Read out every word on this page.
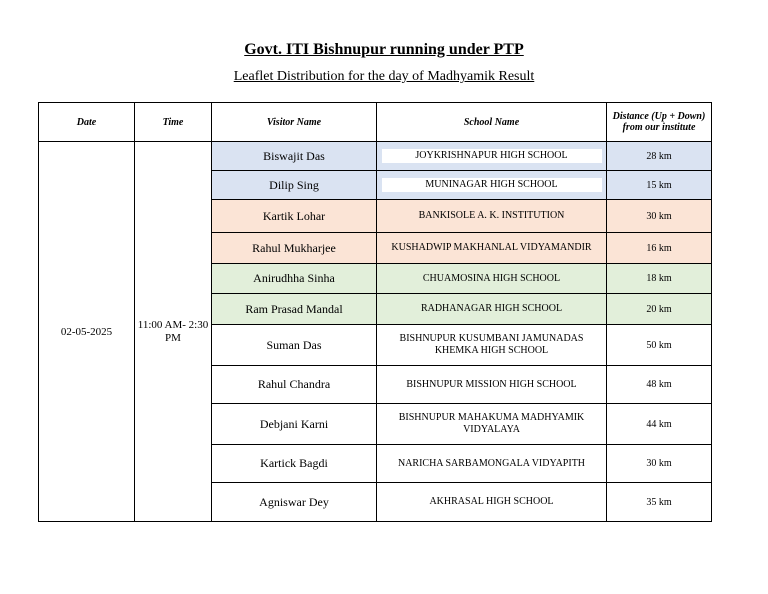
Govt. ITI Bishnupur running under PTP
Leaflet Distribution for the day of Madhyamik Result
Date	Time	Visitor Name	School Name	Distance (Up + Down) from our institute
02-05-2025	11:00 AM- 2:30 PM	Biswajit Das	JOYKRISHNAPUR HIGH SCHOOL	28 km
		Dilip Sing	MUNINAGAR HIGH SCHOOL	15 km
		Kartik Lohar	BANKISOLE A. K. INSTITUTION	30 km
		Rahul Mukharjee	KUSHADWIP MAKHANLAL VIDYAMANDIR	16 km
		Anirudhha Sinha	CHUAMOSINA HIGH SCHOOL	18 km
		Ram Prasad Mandal	RADHANAGAR HIGH SCHOOL	20 km
		Suman Das	BISHNUPUR KUSUMBANI JAMUNADAS KHEMKA HIGH SCHOOL	50 km
		Rahul Chandra	BISHNUPUR MISSION HIGH SCHOOL	48 km
		Debjani Karni	BISHNUPUR MAHAKUMA MADHYAMIK VIDYALAYA	44 km
		Kartick Bagdi	NARICHA SARBAMONGALA VIDYAPITH	30 km
		Agniswar Dey	AKHRASAL HIGH SCHOOL	35 km
